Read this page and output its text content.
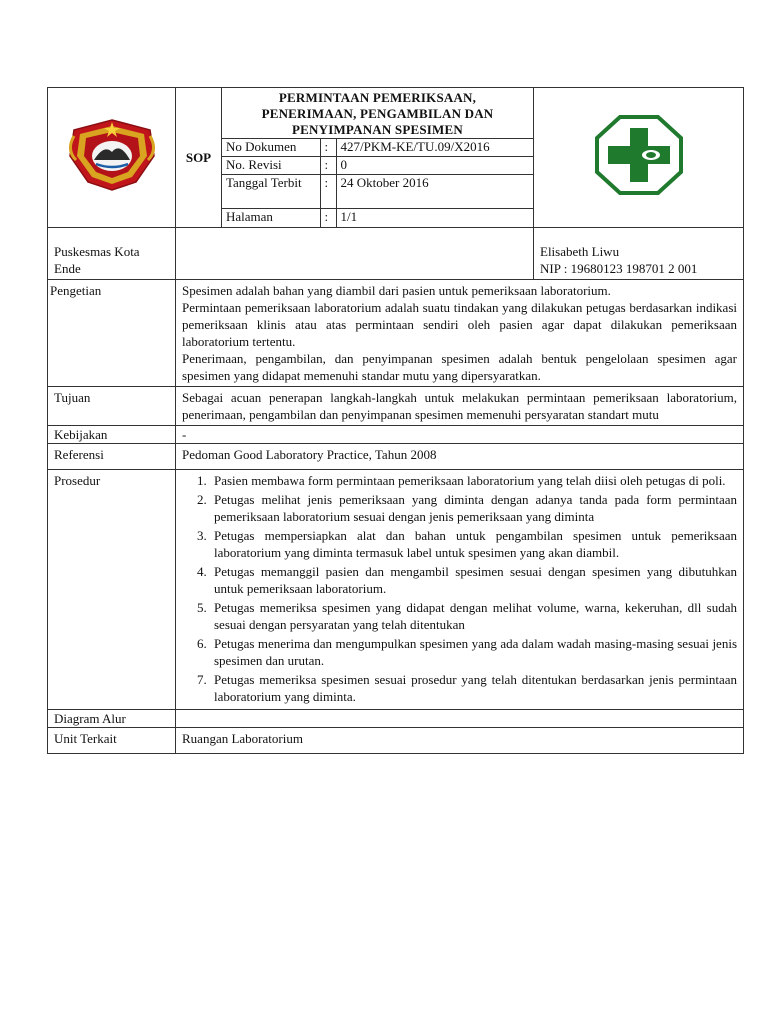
	SOP	
PERMINTAAN PEMERIKSAAN,
PENERIMAAN, PENGAMBILAN DAN
PENYIMPANAN SPESIMEN
No Dokumen	:	427/PKM-KE/TU.09/X2016
No. Revisi	:	0
Tanggal Terbit	:	24 Oktober 2016
Halaman	:	1/1

Puskesmas Kota
Ende

Elisabeth Liwu
NIP : 19680123 198701 2 001

Pengetian	Spesimen adalah bahan yang diambil dari pasien untuk pemeriksaan laboratorium.

Permintaan pemeriksaan laboratorium adalah suatu tindakan yang dilakukan petugas berdasarkan indikasi pemeriksaan klinis atau atas permintaan sendiri oleh pasien agar dapat dilakukan pemeriksaan laboratorium tertentu.

Penerimaan, pengambilan, dan penyimpanan spesimen adalah bentuk pengelolaan spesimen agar spesimen yang didapat memenuhi standar mutu yang dipersyaratkan.

Tujuan	Sebagai acuan penerapan langkah-langkah untuk melakukan permintaan pemeriksaan laboratorium, penerimaan, pengambilan dan penyimpanan spesimen memenuhi persyaratan standart mutu
Kebijakan	-
Referensi	Pedoman Good Laboratory Practice, Tahun 2008
Prosedur	
1.Pasien membawa form permintaan pemeriksaan laboratorium yang telah diisi oleh petugas di poli.
2. Petugas melihat jenis pemeriksaan yang diminta dengan adanya tanda pada form permintaan pemeriksaan laboratorium sesuai dengan jenis pemeriksaan yang diminta
3. Petugas mempersiapkan alat dan bahan untuk pengambilan spesimen untuk pemeriksaan laboratorium yang diminta termasuk label untuk spesimen yang akan diambil.
4. Petugas memanggil pasien dan mengambil spesimen sesuai dengan spesimen yang dibutuhkan untuk pemeriksaan laboratorium.
5. Petugas memeriksa spesimen yang didapat dengan melihat volume, warna, kekeruhan, dll sudah sesuai dengan persyaratan yang telah ditentukan
6. Petugas menerima dan mengumpulkan spesimen yang ada dalam wadah masing-masing sesuai jenis spesimen dan urutan.
7. Petugas memeriksa spesimen sesuai prosedur yang telah ditentukan berdasarkan jenis permintaan laboratorium yang diminta.

Diagram Alur	
Unit Terkait	Ruangan Laboratorium
